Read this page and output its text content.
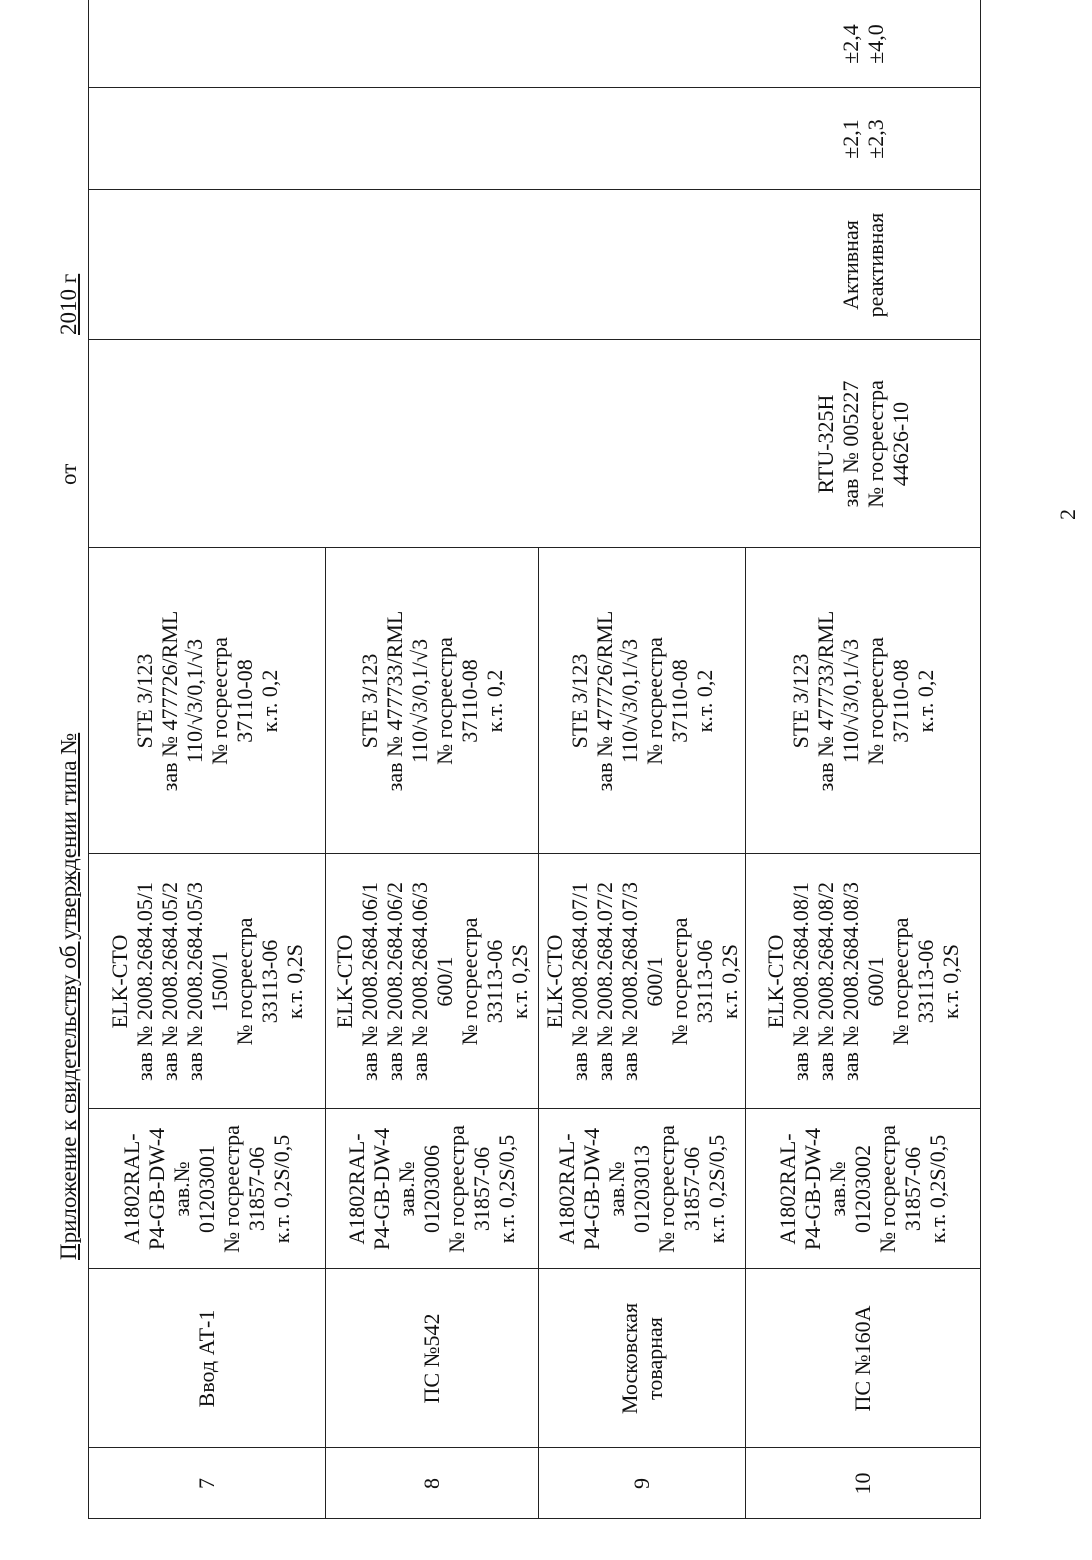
Приложение к свидетельству об утверждении типа №
от
2010 г
7
Ввод АТ-1
A1802RAL-
P4-GB-DW-4
зав.№
01203001
№ госреестра
31857-06
к.т. 0,2S/0,5
ELK-CTO
зав № 2008.2684.05/1
зав № 2008.2684.05/2
зав № 2008.2684.05/3
1500/1
№ госреестра
33113-06
к.т. 0,2S
STE 3/123
зав № 477726/RML
110/√3/0,1/√3
№ госреестра
37110-08
к.т. 0,2
8
ПС №542
A1802RAL-
P4-GB-DW-4
зав.№
01203006
№ госреестра
31857-06
к.т. 0,2S/0,5
ELK-CTO
зав № 2008.2684.06/1
зав № 2008.2684.06/2
зав № 2008.2684.06/3
600/1
№ госреестра
33113-06
к.т. 0,2S
STE 3/123
зав № 477733/RML
110/√3/0,1/√3
№ госреестра
37110-08
к.т. 0,2
9
Московская
товарная
A1802RAL-
P4-GB-DW-4
зав.№
01203013
№ госреестра
31857-06
к.т. 0,2S/0,5
ELK-CTO
зав № 2008.2684.07/1
зав № 2008.2684.07/2
зав № 2008.2684.07/3
600/1
№ госреестра
33113-06
к.т. 0,2S
STE 3/123
зав № 477726/RML
110/√3/0,1/√3
№ госреестра
37110-08
к.т. 0,2
10
ПС №160А
A1802RAL-
P4-GB-DW-4
зав.№
01203002
№ госреестра
31857-06
к.т. 0,2S/0,5
ELK-CTO
зав № 2008.2684.08/1
зав № 2008.2684.08/2
зав № 2008.2684.08/3
600/1
№ госреестра
33113-06
к.т. 0,2S
STE 3/123
зав № 477733/RML
110/√3/0,1/√3
№ госреестра
37110-08
к.т. 0,2
RTU-325H
зав № 005227
№ госреестра
44626-10
Активная
реактивная
±2,1
±2,3
±2,4
±4,0
2
